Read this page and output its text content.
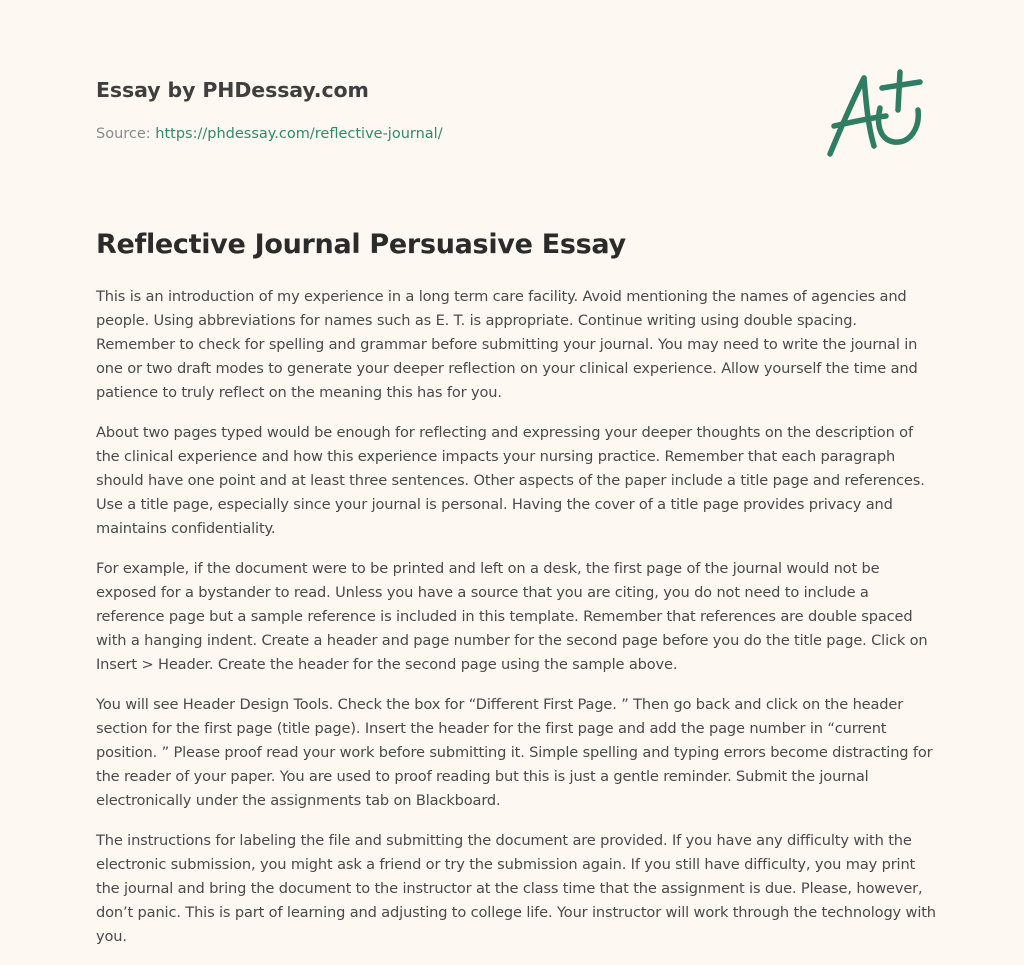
Essay by PHDessay.com
Source: https://phdessay.com/reflective-journal/
Reflective Journal Persuasive Essay

This is an introduction of my experience in a long term care facility. Avoid mentioning the names of agencies and people. Using abbreviations for names such as E. T. is appropriate. Continue writing using double spacing. Remember to check for spelling and grammar before submitting your journal. You may need to write the journal in one or two draft modes to generate your deeper reflection on your clinical experience. Allow yourself the time and patience to truly reflect on the meaning this has for you.

About two pages typed would be enough for reflecting and expressing your deeper thoughts on the description of the clinical experience and how this experience impacts your nursing practice. Remember that each paragraph should have one point and at least three sentences. Other aspects of the paper include a title page and references. Use a title page, especially since your journal is personal. Having the cover of a title page provides privacy and maintains confidentiality.

For example, if the document were to be printed and left on a desk, the first page of the journal would not be exposed for a bystander to read. Unless you have a source that you are citing, you do not need to include a reference page but a sample reference is included in this template. Remember that references are double spaced with a hanging indent. Create a header and page number for the second page before you do the title page. Click on Insert > Header. Create the header for the second page using the sample above.

You will see Header Design Tools. Check the box for “Different First Page. ” Then go back and click on the header section for the first page (title page). Insert the header for the first page and add the page number in “current position. ” Please proof read your work before submitting it. Simple spelling and typing errors become distracting for the reader of your paper. You are used to proof reading but this is just a gentle reminder. Submit the journal electronically under the assignments tab on Blackboard.

The instructions for labeling the file and submitting the document are provided. If you have any difficulty with the electronic submission, you might ask a friend or try the submission again. If you still have difficulty, you may print the journal and bring the document to the instructor at the class time that the assignment is due. Please, however, don’t panic. This is part of learning and adjusting to college life. Your instructor will work through the technology with you.
